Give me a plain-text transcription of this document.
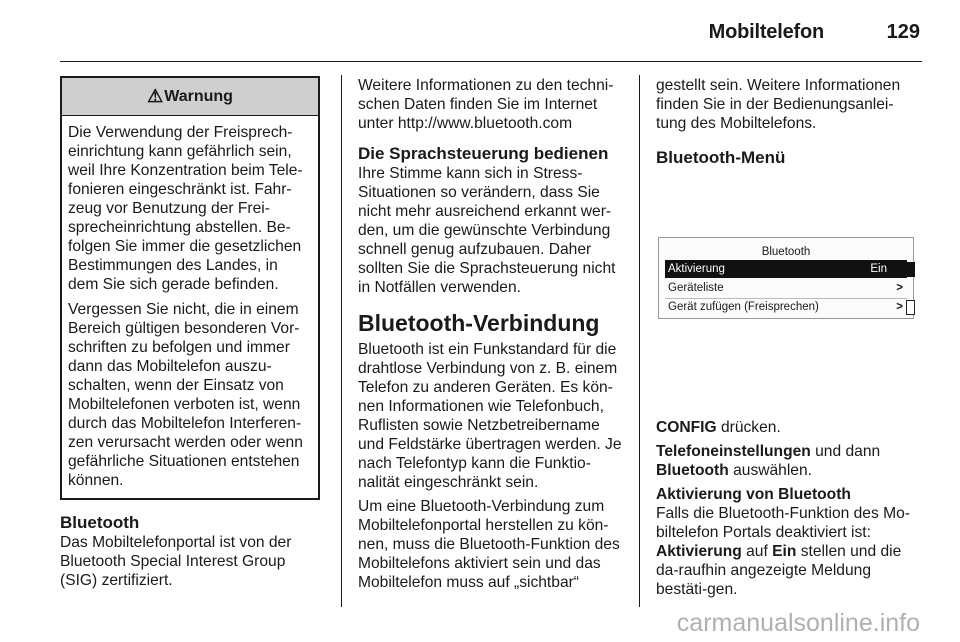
Mobiltelefon	129
⚠ Warnung

Die Verwendung der Freisprech-einrichtung kann gefährlich sein, weil Ihre Konzentration beim Tele-fonieren eingeschränkt ist. Fahr-zeug vor Benutzung der Frei-sprecheinrichtung abstellen. Be-folgen Sie immer die gesetzlichen Bestimmungen des Landes, in dem Sie sich gerade befinden.

Vergessen Sie nicht, die in einem Bereich gültigen besonderen Vor-schriften zu befolgen und immer dann das Mobiltelefon auszu-schalten, wenn der Einsatz von Mobiltelefonen verboten ist, wenn durch das Mobiltelefon Interferen-zen verursacht werden oder wenn gefährliche Situationen entstehen können.

Bluetooth

Das Mobiltelefonportal ist von der Bluetooth Special Interest Group (SIG) zertifiziert.

Weitere Informationen zu den techni-schen Daten finden Sie im Internet unter http://www.bluetooth.com

Die Sprachsteuerung bedienen

Ihre Stimme kann sich in Stress-Situationen so verändern, dass Sie nicht mehr ausreichend erkannt wer-den, um die gewünschte Verbindung schnell genug aufzubauen. Daher sollten Sie die Sprachsteuerung nicht in Notfällen verwenden.

Bluetooth-Verbindung

Bluetooth ist ein Funkstandard für die drahtlose Verbindung von z. B. einem Telefon zu anderen Geräten. Es kön-nen Informationen wie Telefonbuch, Ruflisten sowie Netzbetreibername und Feldstärke übertragen werden. Je nach Telefontyp kann die Funktio-nalität eingeschränkt sein.

Um eine Bluetooth-Verbindung zum Mobiltelefonportal herstellen zu kön-nen, muss die Bluetooth-Funktion des Mobiltelefons aktiviert sein und das Mobiltelefon muss auf „sichtbar“

gestellt sein. Weitere Informationen finden Sie in der Bedienungsanlei-tung des Mobiltelefons.

Bluetooth-Menü
Bluetooth
Aktivierung	Ein
Geräteliste	>
Gerät zufügen (Freisprechen)	>

CONFIG drücken.

Telefoneinstellungen und dann
Bluetooth auswählen.

Aktivierung von Bluetooth

Falls die Bluetooth-Funktion des Mo-biltelefon Portals deaktiviert ist:

Aktivierung auf Ein stellen und die da-raufhin angezeigte Meldung bestäti-gen.

carmanualsonline.info
